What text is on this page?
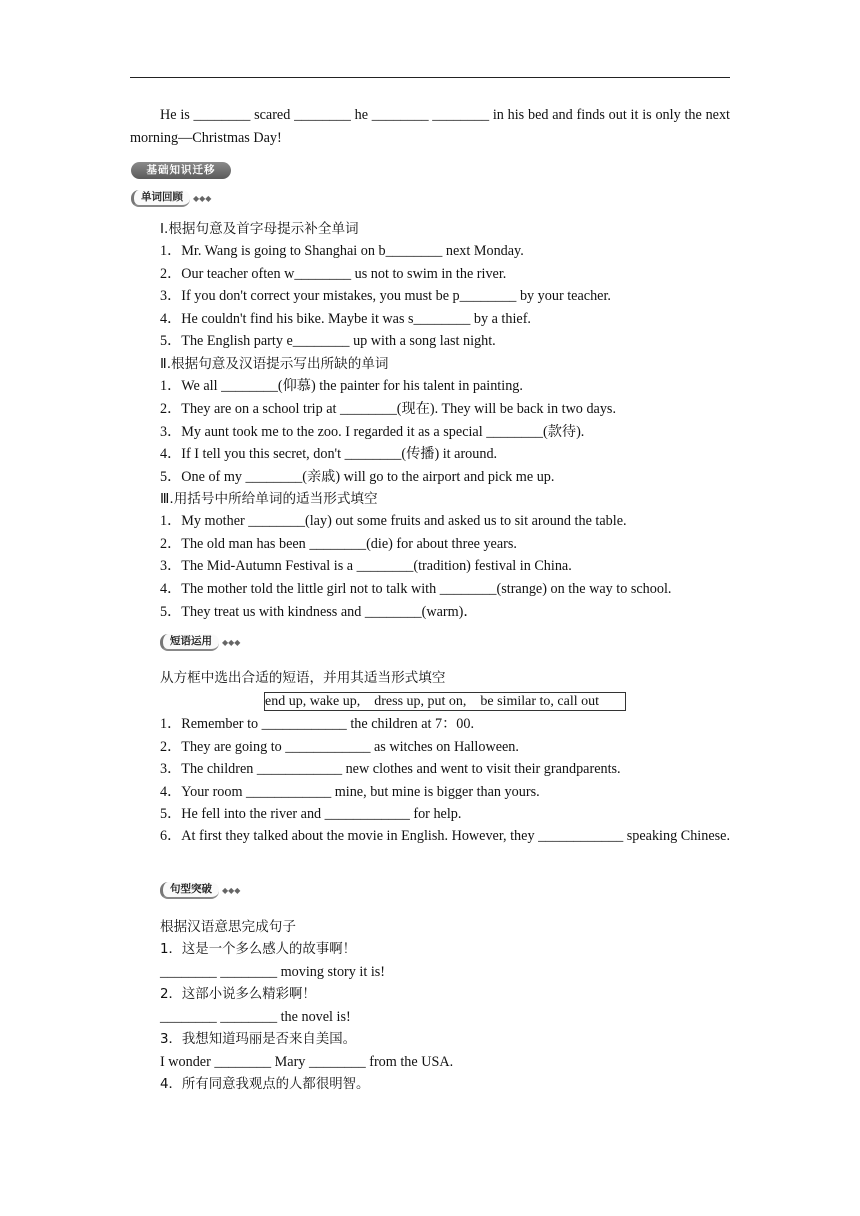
He is ________ scared ________ he ________ ________ in his bed and finds out it is only the next morning—Christmas Day!
基础知识迁移
单词回顾	◆◆◆
Ⅰ.根据句意及首字母提示补全单词
1．Mr. Wang is going to Shanghai on b________ next Monday.
2．Our teacher often w________ us not to swim in the river.
3．If you don't correct your mistakes, you must be p________ by your teacher.
4．He couldn't find his bike. Maybe it was s________ by a thief.
5．The English party e________ up with a song last night.
Ⅱ.根据句意及汉语提示写出所缺的单词
1．We all ________(仰慕) the painter for his talent in painting.
2．They are on a school trip at ________(现在). They will be back in two days.
3．My aunt took me to the zoo. I regarded it as a special ________(款待).
4．If I tell you this secret, don't ________(传播) it around.
5．One of my ________(亲戚) will go to the airport and pick me up.
Ⅲ.用括号中所给单词的适当形式填空
1．My mother ________(lay) out some fruits and asked us to sit around the table.
2．The old man has been ________(die) for about three years.
3．The Mid-Autumn Festival is a ________(tradition) festival in China.
4．The mother told the little girl not to talk with ________(strange) on the way to school.
5．They treat us with kindness and ________(warm)．
短语运用	◆◆◆
从方框中选出合适的短语，并用其适当形式填空
end up, wake up,    dress up, put on,    be similar to, call out
1．Remember to ____________ the children at 7：00.
2．They are going to ____________ as witches on Halloween.
3．The children ____________ new clothes and went to visit their grandparents.
4．Your room ____________ mine, but mine is bigger than yours.
5．He fell into the river and ____________ for help.
6．At first they talked about the movie in English. However, they ____________ speaking Chinese.
句型突破	◆◆◆
根据汉语意思完成句子
1．这是一个多么感人的故事啊！
________ ________ moving story it is!
2．这部小说多么精彩啊！
________ ________ the novel is!
3．我想知道玛丽是否来自美国。
I wonder ________ Mary ________ from the USA.
4．所有同意我观点的人都很明智。
